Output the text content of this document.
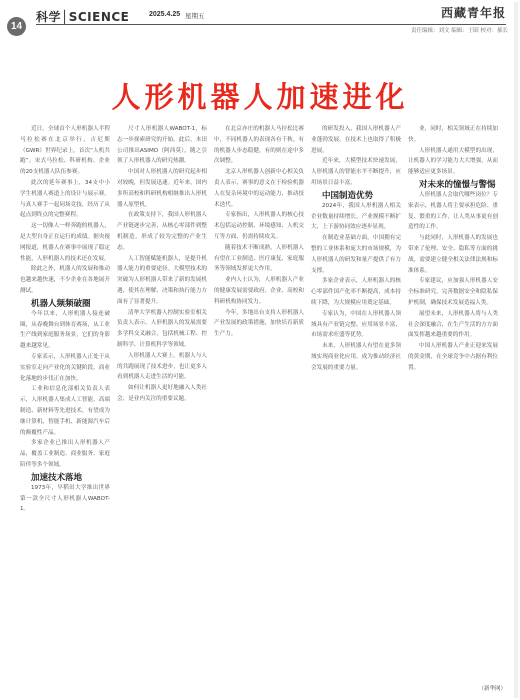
14
科学│SCIENCE	2025.4.25 星期五	西藏青年报
责任编辑：刘文 编辑：王昭 校对：郝长
人形机器人加速进化

近日，全球首个人形机器人半程马拉松赛在北京举行，吉尼斯（GWR）世界纪录上，首次“人机共跑”。宋式马拉松、科研机构、企业的20支机器人队伍参赛。

此次的延年赛事上，34支中小学生机器人赛道上的设计与展示赛。与真人赛手一起同场竞技，经历了从起点到终点的完整赛程。

这一切像人一样奔跑的机器人，是大型自身正在运行的成绩。据央视网报道，机器人在赛事中展现了稳定性能，人形机器人的技术还在发展。

除此之外，机器人的发展和推动也越来越快速，不少企业在各地展开测试。

机器人频频破圈

今年以来，人形机器人接连破圈，从春晚舞台到体育赛场，从工业生产线到家庭服务场景，它们的身影越来越常见。

专家表示，人形机器人正处于从实验室走向产业化的关键阶段，商业化落地的步伐正在加快。

工业和信息化部相关负责人表示，人形机器人集成人工智能、高端制造、新材料等先进技术，有望成为继计算机、智能手机、新能源汽车后的颠覆性产品。

多家企业已推出人形机器人产品，覆盖工业制造、商业服务、家庭陪伴等多个领域。

加速技术落地

1973年，早稻田大学推出世界第一款全尺寸人形机器人WABOT-1。

尺寸人形机器人WABOT-1，标志一步探索研究的开始。此后，本田公司推出ASIMO（阿西莫），随之引领了人形机器人的研究热潮。

中国对人形机器人的研究起步相对较晚，但发展迅速。近年来，国内多所高校和科研机构相继推出人形机器人原型机。

在政策支持下，我国人形机器人产业链逐步完善，从核心零部件到整机制造，形成了较为完整的产业生态。

人工智能赋能机器人，是提升机器人能力的重要途径。大模型技术的突破为人形机器人带来了新的发展机遇，使其在理解、决策和执行能力方面有了显著提升。

清华大学机器人控制实验室相关负责人表示，人形机器人的发展需要多学科交叉融合，包括机械工程、控制科学、计算机科学等领域。

人形机器人大赛上，机器人与人的共跑展现了技术进步，也让更多人看到机器人走进生活的可能。

如何让机器人更好地融入人类社会，是业内关注的重要议题。

在北京亦庄的机器人马拉松比赛中，不同机器人的表现各有千秋。有的机器人步态稳健，有的则在途中多次调整。

北京人形机器人创新中心相关负责人表示，赛事的意义在于检验机器人在复杂环境中的运动能力，推动技术迭代。

专家指出，人形机器人的核心技术包括运动控制、环境感知、人机交互等方面，仍需持续攻关。

随着技术不断成熟，人形机器人有望在工业制造、医疗康复、家庭服务等领域发挥更大作用。

业内人士认为，人形机器人产业的健康发展需要政府、企业、高校和科研机构协同发力。

今年，多地出台支持人形机器人产业发展的政策措施，加快培育新质生产力。

的研发投入，我国人形机器人产业蓬勃发展，在技术上也取得了积极进展。

近年来，大模型技术快速发展，人形机器人的智能水平不断提升，应用场景日益丰富。

中国制造优势

2024年，我国人形机器人相关企业数量持续增长，产业规模不断扩大，上下游协同效应逐步显现。

在制造业基础方面，中国拥有完整的工业体系和庞大的市场规模，为人形机器人的研发和量产提供了有力支撑。

多家企业表示，人形机器人的核心零部件国产化率不断提高，成本持续下降，为大规模应用奠定基础。

专家认为，中国在人形机器人领域具有产业链完整、应用场景丰富、市场需求旺盛等优势。

未来，人形机器人有望在更多领域实现商业化应用，成为推动经济社会发展的重要力量。

业，同时，相关领域正在持续加快。

人形机器人通用大模型的出现，让机器人的学习能力大大增强，从而能够适应更多场景。

对未来的憧憬与警惕

人形机器人会取代哪些岗位？专家表示，机器人将主要承担危险、重复、繁重的工作，让人类从事更有创造性的工作。

与此同时，人形机器人的发展也带来了伦理、安全、隐私等方面的挑战，需要建立健全相关法律法规和标准体系。

专家建议，应加强人形机器人安全标准研究，完善数据安全和隐私保护机制，确保技术发展造福人类。

展望未来，人形机器人将与人类社会深度融合，在生产生活的方方面面发挥越来越重要的作用。

中国人形机器人产业正迎来发展的黄金期，在全球竞争中占据有利位置。

（新华网）
